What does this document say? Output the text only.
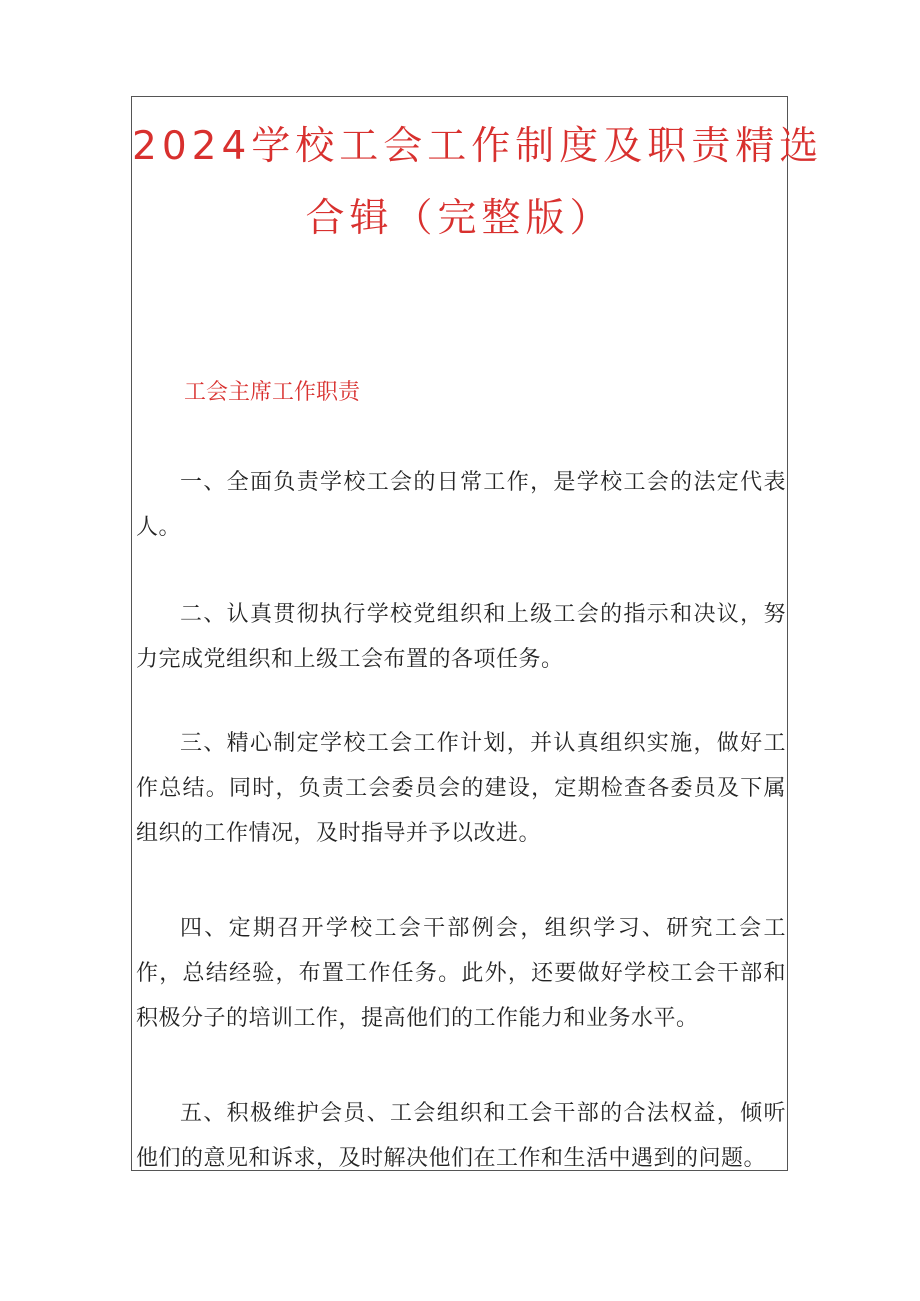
2024学校工会工作制度及职责精选
合辑（完整版）
工会主席工作职责

一、全面负责学校工会的日常工作，是学校工会的法定代表人。

二、认真贯彻执行学校党组织和上级工会的指示和决议，努力完成党组织和上级工会布置的各项任务。

三、精心制定学校工会工作计划，并认真组织实施，做好工作总结。同时，负责工会委员会的建设，定期检查各委员及下属组织的工作情况，及时指导并予以改进。

四、定期召开学校工会干部例会，组织学习、研究工会工作，总结经验，布置工作任务。此外，还要做好学校工会干部和积极分子的培训工作，提高他们的工作能力和业务水平。

五、积极维护会员、工会组织和工会干部的合法权益，倾听他们的意见和诉求，及时解决他们在工作和生活中遇到的问题。
